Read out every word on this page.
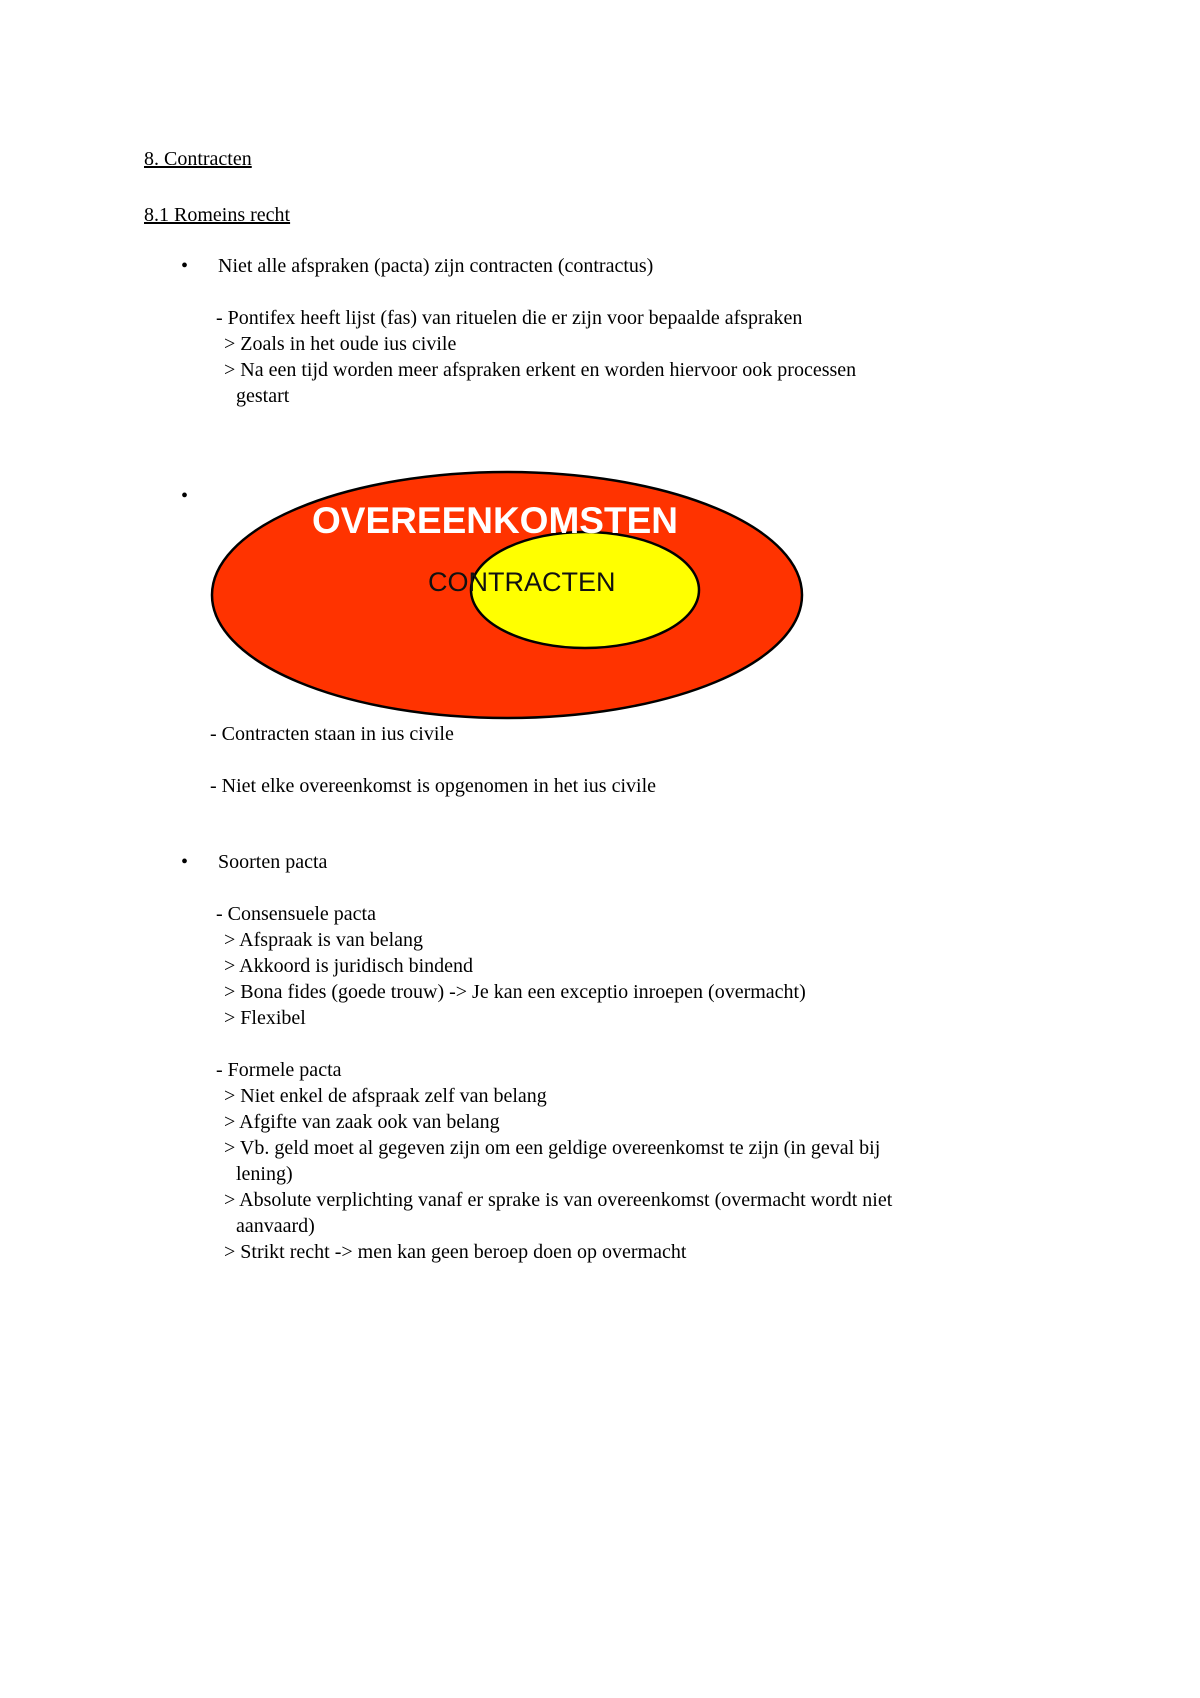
8. Contracten
8.1 Romeins recht
• Niet alle afspraken (pacta) zijn contracten (contractus)
- Pontifex heeft lijst (fas) van rituelen die er zijn voor bepaalde afspraken
> Zoals in het oude ius civile
> Na een tijd worden meer afspraken erkent en worden hiervoor ook processen
gestart
•
OVEREENKOMSTEN
CONTRACTEN
- Contracten staan in ius civile
- Niet elke overeenkomst is opgenomen in het ius civile
• Soorten pacta
- Consensuele pacta
> Afspraak is van belang
> Akkoord is juridisch bindend
> Bona fides (goede trouw) -> Je kan een exceptio inroepen (overmacht)
> Flexibel
- Formele pacta
> Niet enkel de afspraak zelf van belang
> Afgifte van zaak ook van belang
> Vb. geld moet al gegeven zijn om een geldige overeenkomst te zijn (in geval bij
lening)
> Absolute verplichting vanaf er sprake is van overeenkomst (overmacht wordt niet
aanvaard)
> Strikt recht -> men kan geen beroep doen op overmacht
